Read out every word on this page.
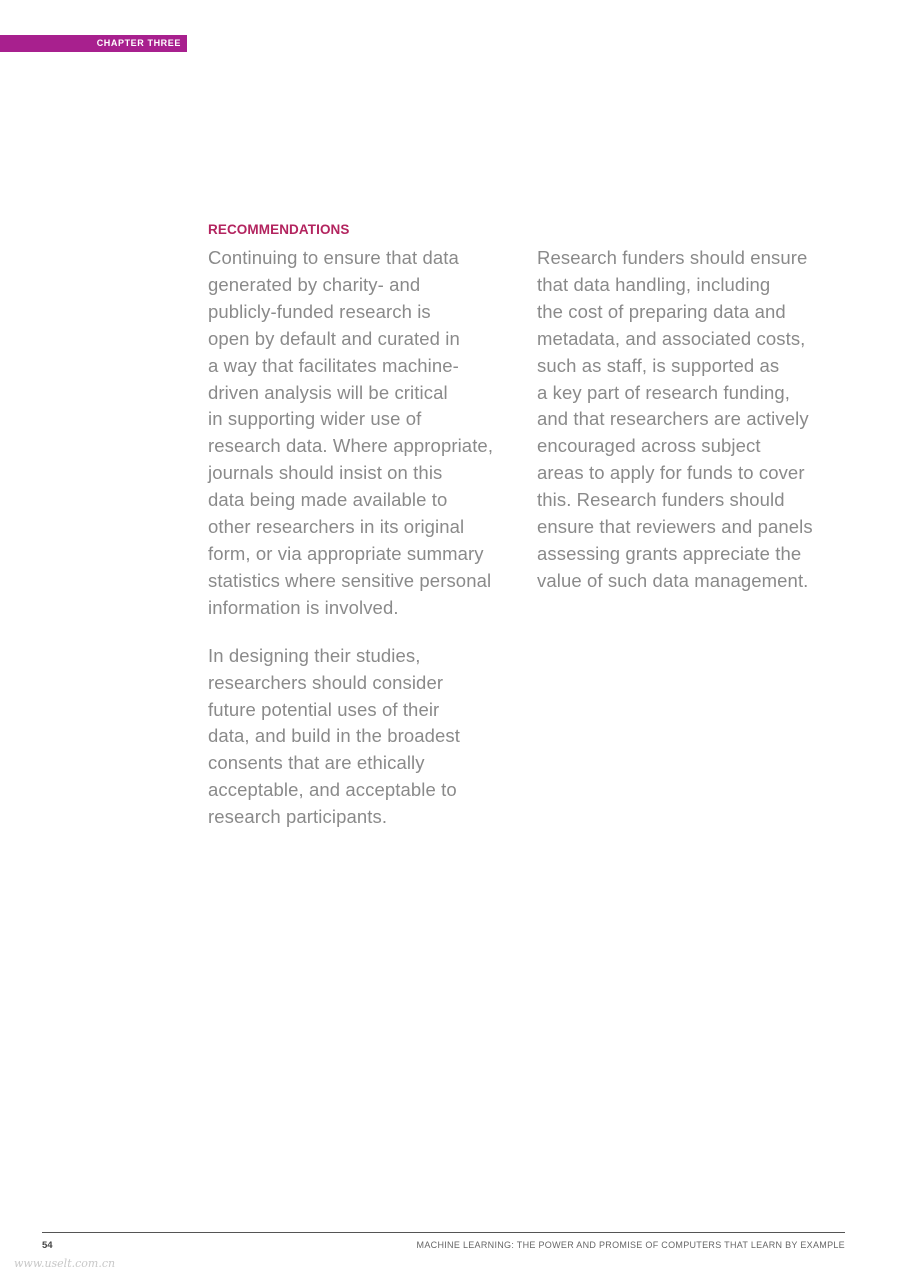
CHAPTER THREE
RECOMMENDATIONS

Continuing to ensure that data
generated by charity- and
publicly-funded research is
open by default and curated in
a way that facilitates machine-
driven analysis will be critical
in supporting wider use of
research data. Where appropriate,
journals should insist on this
data being made available to
other researchers in its original
form, or via appropriate summary
statistics where sensitive personal
information is involved.

In designing their studies,
researchers should consider
future potential uses of their
data, and build in the broadest
consents that are ethically
acceptable, and acceptable to
research participants.

Research funders should ensure
that data handling, including
the cost of preparing data and
metadata, and associated costs,
such as staff, is supported as
a key part of research funding,
and that researchers are actively
encouraged across subject
areas to apply for funds to cover
this. Research funders should
ensure that reviewers and panels
assessing grants appreciate the
value of such data management.

54	MACHINE LEARNING: THE POWER AND PROMISE OF COMPUTERS THAT LEARN BY EXAMPLE
www.uselt.com.cn
